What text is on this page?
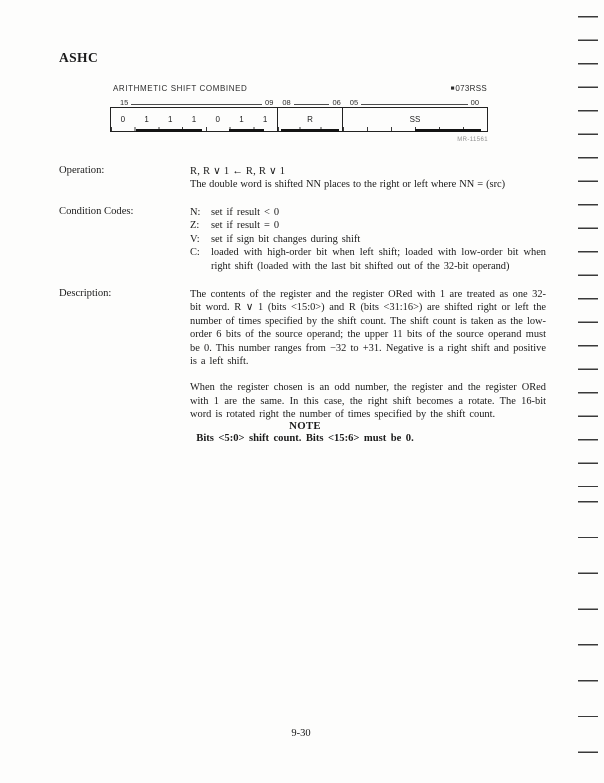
ASHC
ARITHMETIC SHIFT COMBINED	■073RSS
15	09 08	06 05	00
0	1	1	1	0	1	1	R	SS
MR-11561
Operation:	R, R ∨ 1 ← R, R ∨ 1
The double word is shifted NN places to the right or left where NN = (src)
Condition Codes:	N:	set if result < 0
Z:	set if result = 0
V:	set if sign bit changes during shift
C:	loaded with high-order bit when left shift; loaded with low-order bit when right shift (loaded with the last bit shifted out of the 32-bit operand)
Description:	The contents of the register and the register ORed with 1 are treated as one 32-bit word. R ∨ 1 (bits <15:0>) and R (bits <31:16>) are shifted right or left the number of times specified by the shift count. The shift count is taken as the low-order 6 bits of the source operand; the upper 11 bits of the source operand must be 0. This number ranges from −32 to +31. Negative is a right shift and positive is a left shift.

When the register chosen is an odd number, the register and the register ORed with 1 are the same. In this case, the right shift becomes a rotate. The 16-bit word is rotated right the number of times specified by the shift count.

NOTE
Bits <5:0> shift count. Bits <15:6> must be 0.
9-30
